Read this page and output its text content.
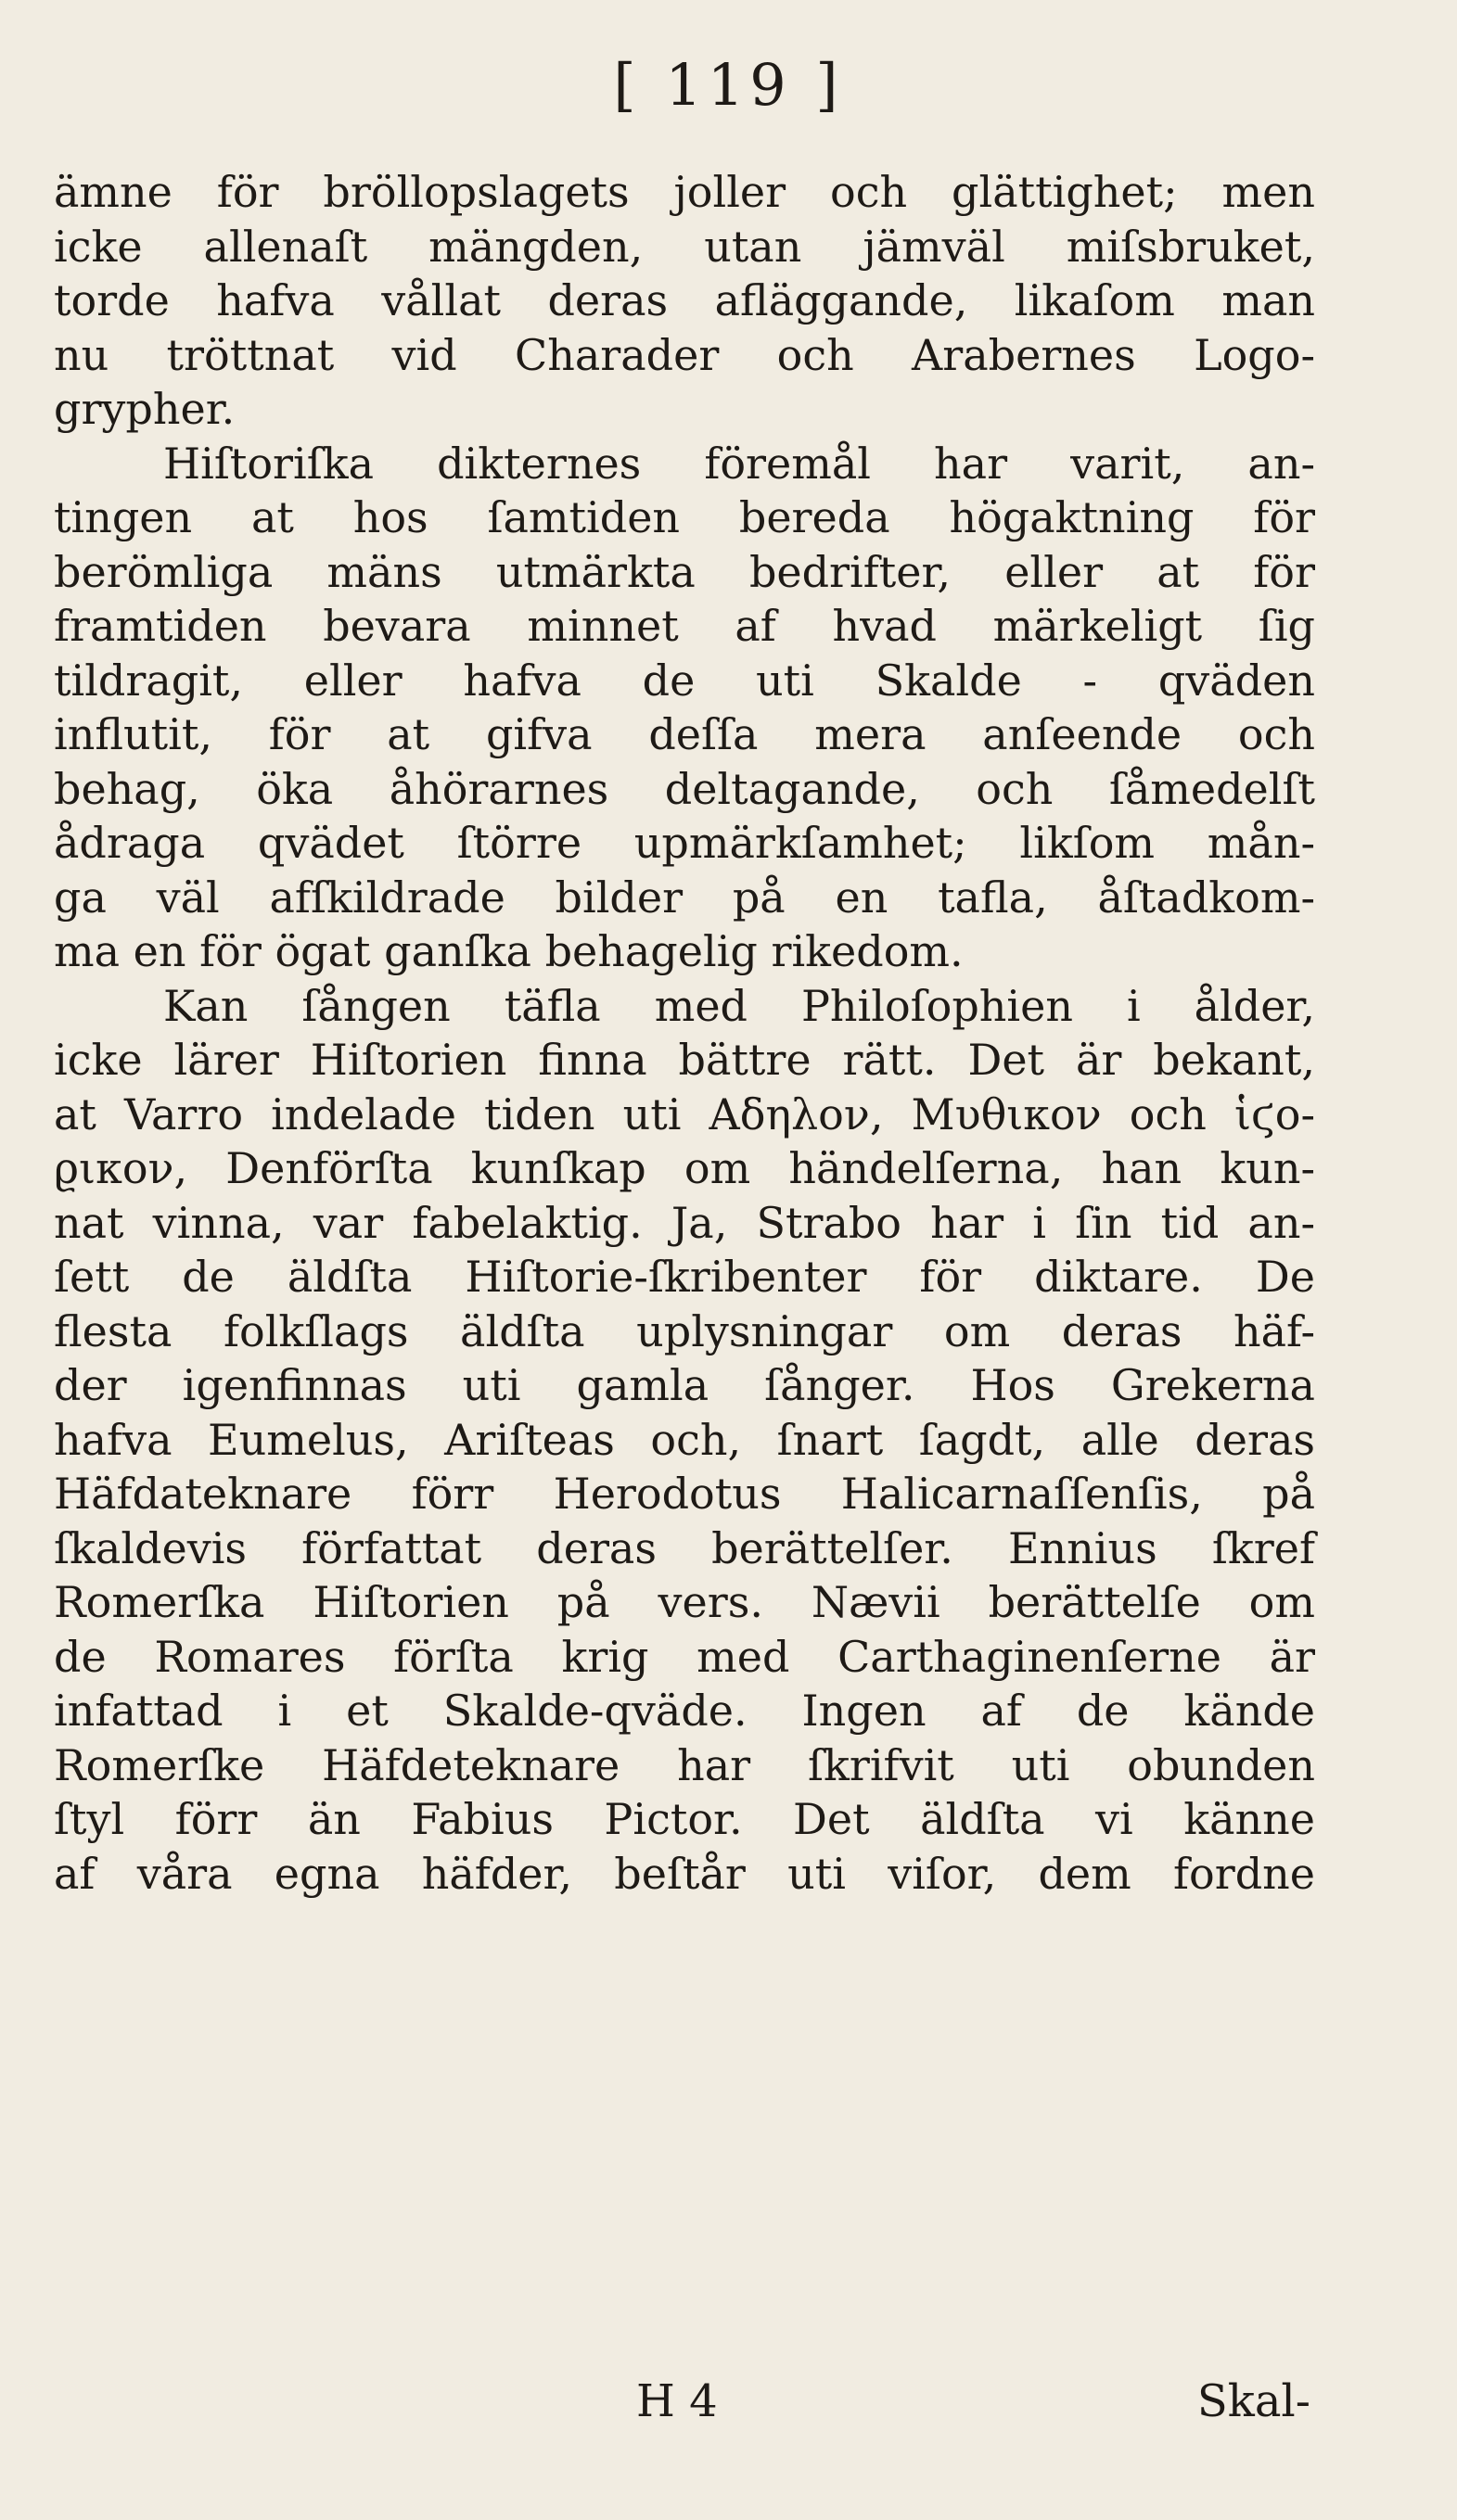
[ 119 ]
ämne för bröllopslagets joller och glättighet; men
icke allenaſt mängden, utan jämväl miſsbruket,
torde hafva vållat deras afläggande, likaſom man
nu tröttnat vid Charader och Arabernes Logo-
grypher.
Hiſtoriſka dikternes föremål har varit, an-
tingen at hos ſamtiden bereda högaktning för
berömliga mäns utmärkta bedrifter, eller at för
framtiden bevara minnet af hvad märkeligt ſig
tildragit, eller hafva de uti Skalde - qväden
influtit, för at gifva deſſa mera anſeende och
behag, öka åhörarnes deltagande, och ſåmedelſt
ådraga qvädet ſtörre upmärkſamhet; likſom mån-
ga väl afſkildrade bilder på en tafla, åſtadkom-
ma en för ögat ganſka behagelig rikedom.
Kan ſången täfla med Philoſophien i ålder,
icke lärer Hiſtorien finna bättre rätt. Det är bekant,
at Varro indelade tiden uti Αδηλον, Μυθικον och ἱϛο-
ϱικον, Denförſta kunſkap om händelſerna, han kun-
nat vinna, var fabelaktig. Ja, Strabo har i ſin tid an-
ſett de äldſta Hiſtorie-ſkribenter för diktare. De
flesta folkſlags äldſta uplysningar om deras häf-
der igenfinnas uti gamla ſånger. Hos Grekerna
hafva Eumelus, Ariſteas och, ſnart ſagdt, alle deras
Häfdateknare förr Herodotus Halicarnaſſenſis, på
ſkaldevis författat deras berättelſer. Ennius ſkref
Romerſka Hiſtorien på vers. Nævii berättelſe om
de Romares förſta krig med Carthaginenſerne är
infattad i et Skalde-qväde. Ingen af de kände
Romerſke Häfdeteknare har ſkrifvit uti obunden
ſtyl förr än Fabius Pictor. Det äldſta vi känne
af våra egna häfder, beſtår uti viſor, dem fordne
H 4	Skal-
